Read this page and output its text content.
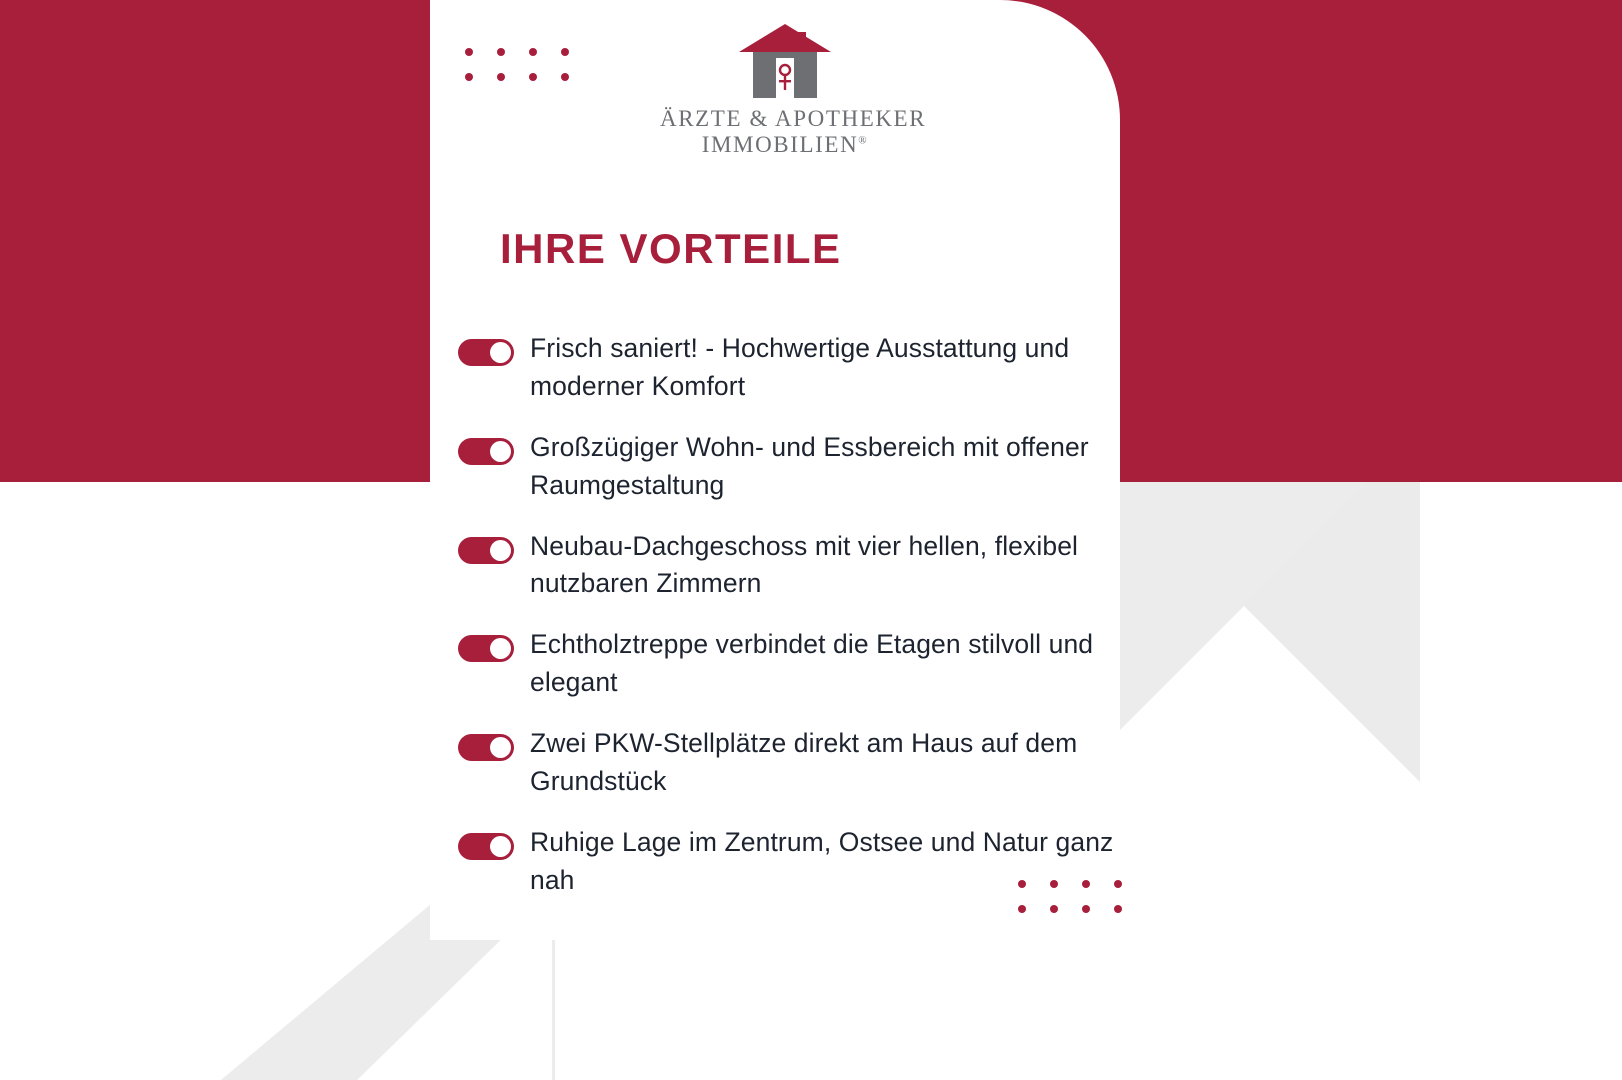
ÄRZTE & APOTHEKER
IMMOBILIEN®
IHRE VORTEILE
Frisch saniert! - Hochwertige Ausstattung und moderner Komfort
Großzügiger Wohn- und Essbereich mit offener Raumgestaltung
Neubau-Dachgeschoss mit vier hellen, flexibel nutzbaren Zimmern
Echtholztreppe verbindet die Etagen stilvoll und elegant
Zwei PKW-Stellplätze direkt am Haus auf dem Grundstück
Ruhige Lage im Zentrum, Ostsee und Natur ganz nah
